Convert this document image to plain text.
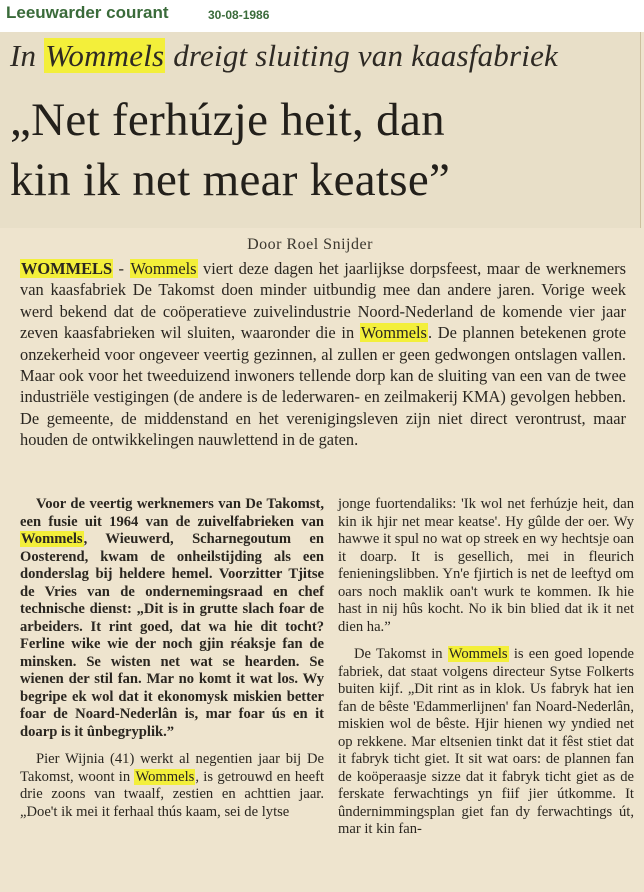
Leeuwarder courant	30-08-1986
In Wommels dreigt sluiting van kaasfabriek
„Net ferhúzje heit, dan
kin ik net mear keatse”
Door Roel Snijder
WOMMELS - Wommels viert deze dagen het jaarlijkse dorpsfeest, maar de werknemers van kaasfabriek De Takomst doen minder uitbundig mee dan andere jaren. Vorige week werd bekend dat de coöperatieve zuivelindustrie Noord-Nederland de komende vier jaar zeven kaasfabrieken wil sluiten, waaronder die in Wommels. De plannen betekenen grote onzekerheid voor ongeveer veertig gezinnen, al zullen er geen gedwongen ontslagen vallen. Maar ook voor het tweeduizend inwoners tellende dorp kan de sluiting van een van de twee industriële vestigingen (de andere is de lederwaren- en zeilmakerij KMA) gevolgen hebben. De gemeente, de middenstand en het verenigingsleven zijn niet direct verontrust, maar houden de ontwikkelingen nauwlettend in de gaten.

Voor de veertig werknemers van De Takomst, een fusie uit 1964 van de zuivelfabrieken van Wommels, Wieuwerd, Scharnegoutum en Oosterend, kwam de onheilstijding als een donderslag bij heldere hemel. Voorzitter Tjitse de Vries van de ondernemingsraad en chef technische dienst: „Dit is in grutte slach foar de arbeiders. It rint goed, dat wa hie dit tocht? Ferline wike wie der noch gjin réaksje fan de minsken. Se wisten net wat se hearden. Se wienen der stil fan. Mar no komt it wat los. Wy begripe ek wol dat it ekonomysk miskien better foar de Noard-Nederlân is, mar foar ús en it doarp is it ûnbegryplik.”

Pier Wijnia (41) werkt al negentien jaar bij De Takomst, woont in Wommels, is getrouwd en heeft drie zoons van twaalf, zestien en achttien jaar. „Doe't ik mei it ferhaal thús kaam, sei de lytse

jonge fuortendaliks: 'Ik wol net ferhúzje heit, dan kin ik hjir net mear keatse'. Hy gûlde der oer. Wy hawwe it spul no wat op streek en wy hechtsje oan it doarp. It is gesellich, mei in fleurich fenieningslibben. Yn'e fjirtich is net de leeftyd om oars noch maklik oan't wurk te kommen. Ik hie hast in nij hûs kocht. No ik bin blied dat ik it net dien ha.”

De Takomst in Wommels is een goed lopende fabriek, dat staat volgens directeur Sytse Folkerts buiten kijf. „Dit rint as in klok. Us fabryk hat ien fan de bêste 'Edammerlijnen' fan Noard-Nederlân, miskien wol de bêste. Hjir hienen wy yndied net op rekkene. Mar eltsenien tinkt dat it fêst stiet dat it fabryk ticht giet. It sit wat oars: de plannen fan de koöperaasje sizze dat it fabryk ticht giet as de ferskate ferwachtings yn fiif jier útkomme. It ûndernimmingsplan giet fan dy ferwachtings út, mar it kin fan-
